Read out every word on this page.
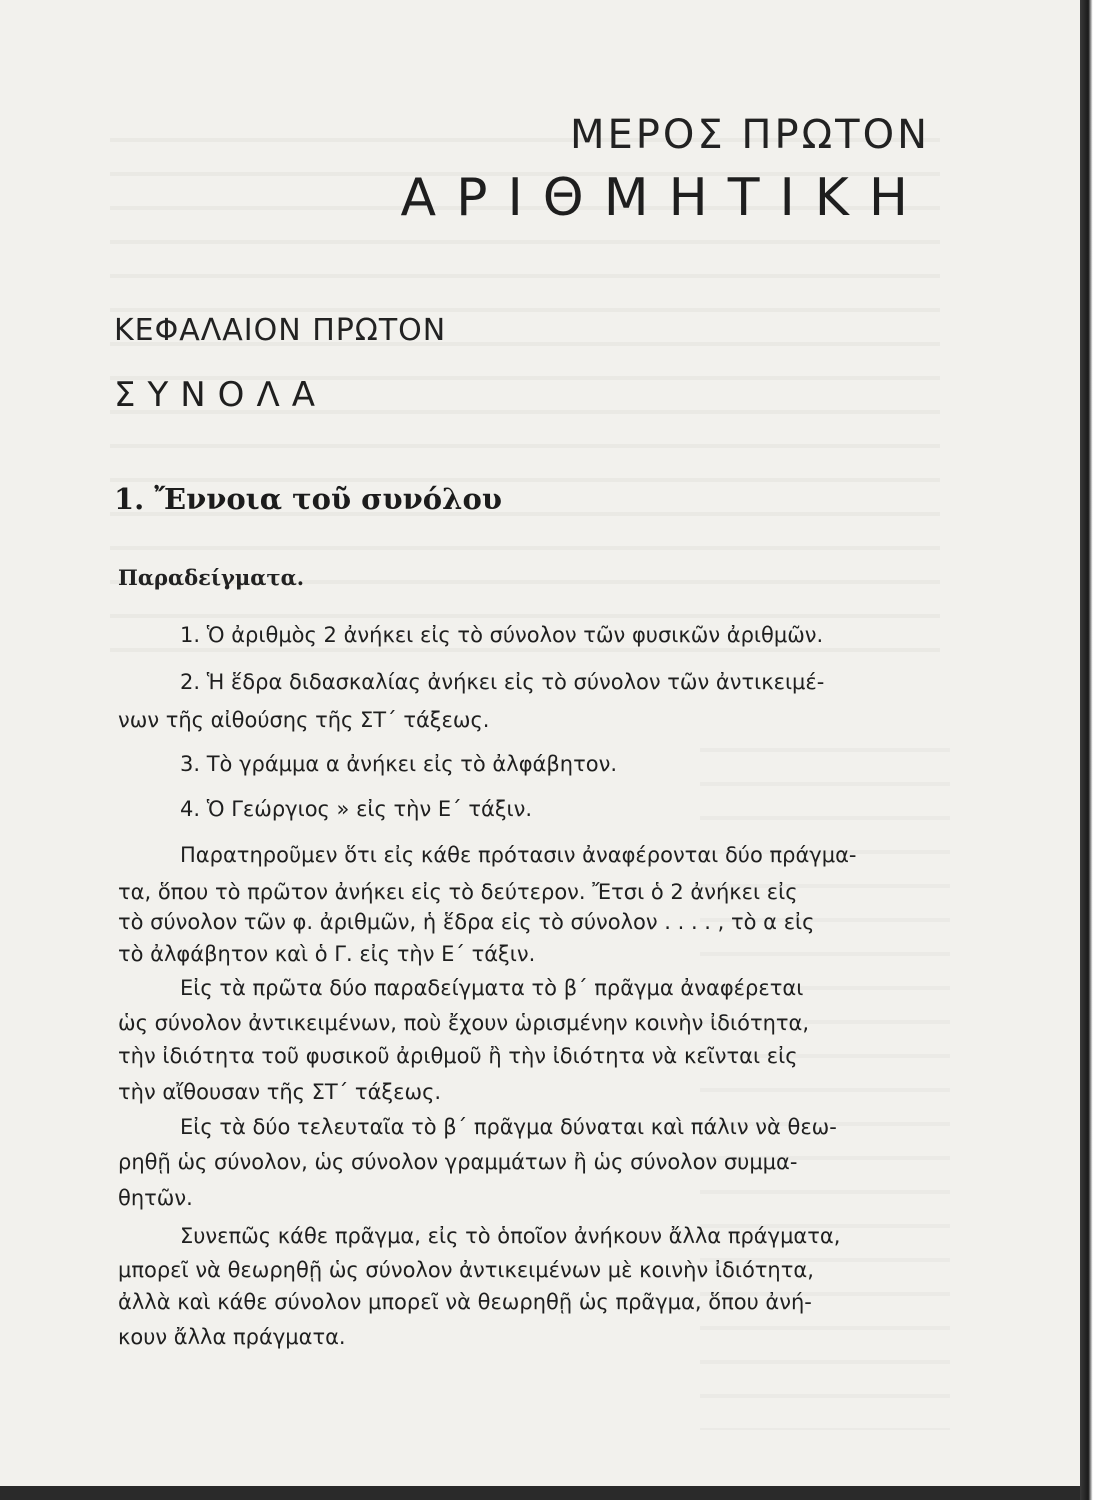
ΜΕΡΟΣ ΠΡΩΤΟΝ
ΑΡΙΘΜΗΤΙΚΗ
ΚΕΦΑΛΑΙΟΝ ΠΡΩΤΟΝ
ΣΥΝΟΛΑ
1. Ἔννοια τοῦ συνόλου
Παραδείγματα.
1. Ὁ ἀριθμὸς 2 ἀνήκει εἰς τὸ σύνολον τῶν φυσικῶν ἀριθμῶν.
2. Ἡ ἕδρα διδασκαλίας ἀνήκει εἰς τὸ σύνολον τῶν ἀντικειμέ-
νων τῆς αἰθούσης τῆς ΣΤ΄ τάξεως.
3. Τὸ γράμμα α ἀνήκει εἰς τὸ ἀλφάβητον.
4. Ὁ Γεώργιος » εἰς τὴν Ε΄ τάξιν.
Παρατηροῦμεν ὅτι εἰς κάθε πρότασιν ἀναφέρονται δύο πράγμα-
τα, ὅπου τὸ πρῶτον ἀνήκει εἰς τὸ δεύτερον. Ἔτσι ὁ 2 ἀνήκει εἰς
τὸ σύνολον τῶν φ. ἀριθμῶν, ἡ ἕδρα εἰς τὸ σύνολον . . . . , τὸ α εἰς
τὸ ἀλφάβητον καὶ ὁ Γ. εἰς τὴν Ε΄ τάξιν.
Εἰς τὰ πρῶτα δύο παραδείγματα τὸ β΄ πρᾶγμα ἀναφέρεται
ὡς σύνολον ἀντικειμένων, ποὺ ἔχουν ὡρισμένην κοινὴν ἰδιότητα,
τὴν ἰδιότητα τοῦ φυσικοῦ ἀριθμοῦ ἢ τὴν ἰδιότητα νὰ κεῖνται εἰς
τὴν αἴθουσαν τῆς ΣΤ΄ τάξεως.
Εἰς τὰ δύο τελευταῖα τὸ β΄ πρᾶγμα δύναται καὶ πάλιν νὰ θεω-
ρηθῇ ὡς σύνολον, ὡς σύνολον γραμμάτων ἢ ὡς σύνολον συμμα-
θητῶν.
Συνεπῶς κάθε πρᾶγμα, εἰς τὸ ὁποῖον ἀνήκουν ἄλλα πράγματα,
μπορεῖ νὰ θεωρηθῇ ὡς σύνολον ἀντικειμένων μὲ κοινὴν ἰδιότητα,
ἀλλὰ καὶ κάθε σύνολον μπορεῖ νὰ θεωρηθῇ ὡς πρᾶγμα, ὅπου ἀνή-
κουν ἄλλα πράγματα.
